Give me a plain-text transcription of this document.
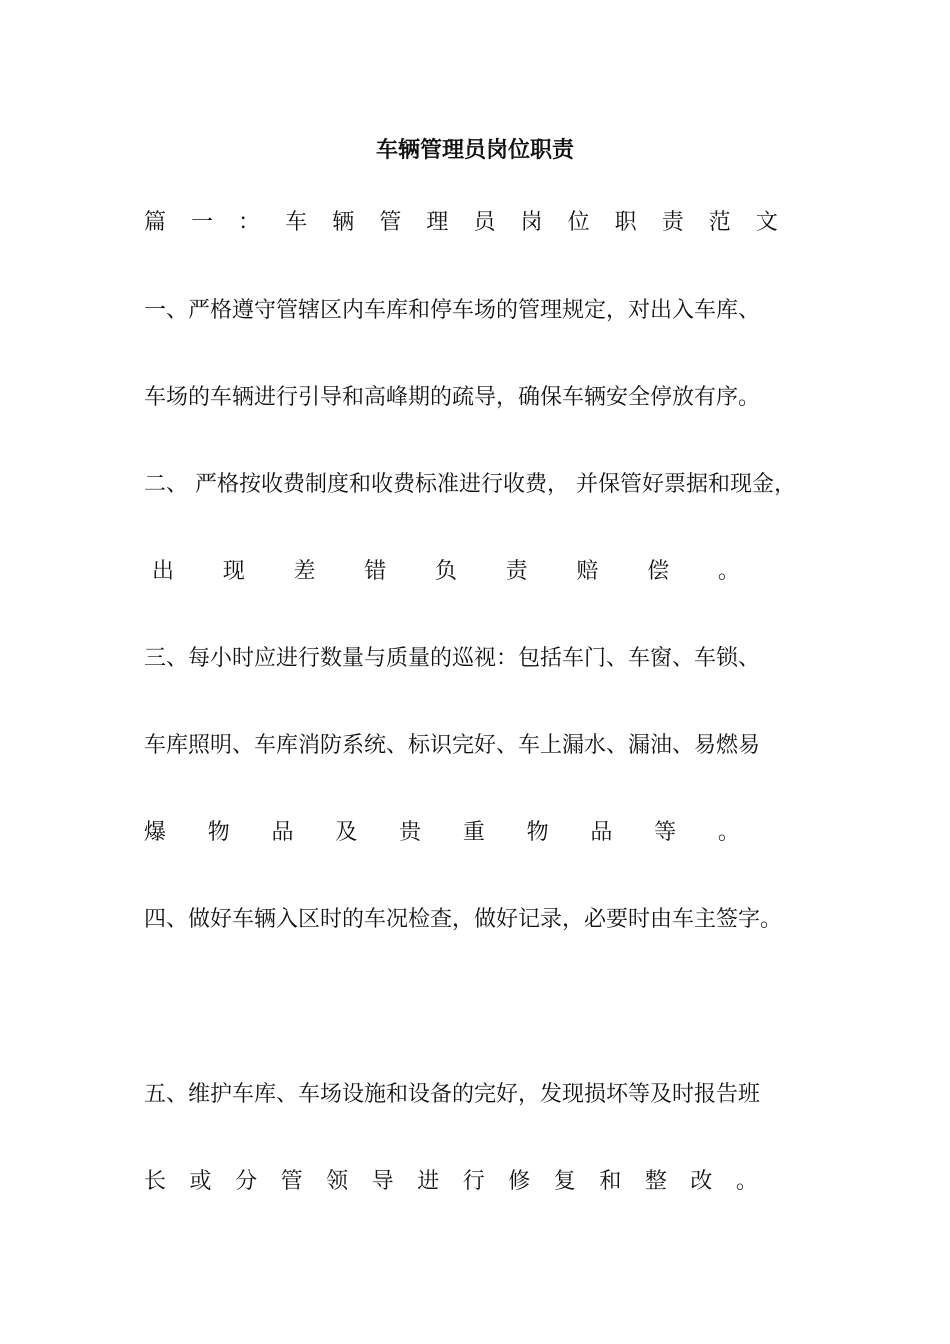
车辆管理员岗位职责
篇 一 ： 车 辆 管 理 员 岗 位 职 责 范 文
一、严格遵守管辖区内车库和停车场的管理规定，对出入车库、
车场的车辆进行引导和高峰期的疏导，确保车辆安全停放有序。
二、 严格按收费制度和收费标准进行收费， 并保管好票据和现金，
出 现 差 错 负 责 赔 偿 。
三、每小时应进行数量与质量的巡视：包括车门、车窗、车锁、
车库照明、车库消防系统、标识完好、车上漏水、漏油、易燃易
爆 物 品 及 贵 重 物 品 等 。
四、做好车辆入区时的车况检查，做好记录，必要时由车主签字。
五、维护车库、车场设施和设备的完好，发现损坏等及时报告班
长 或 分 管 领 导 进 行 修 复 和 整 改 。
